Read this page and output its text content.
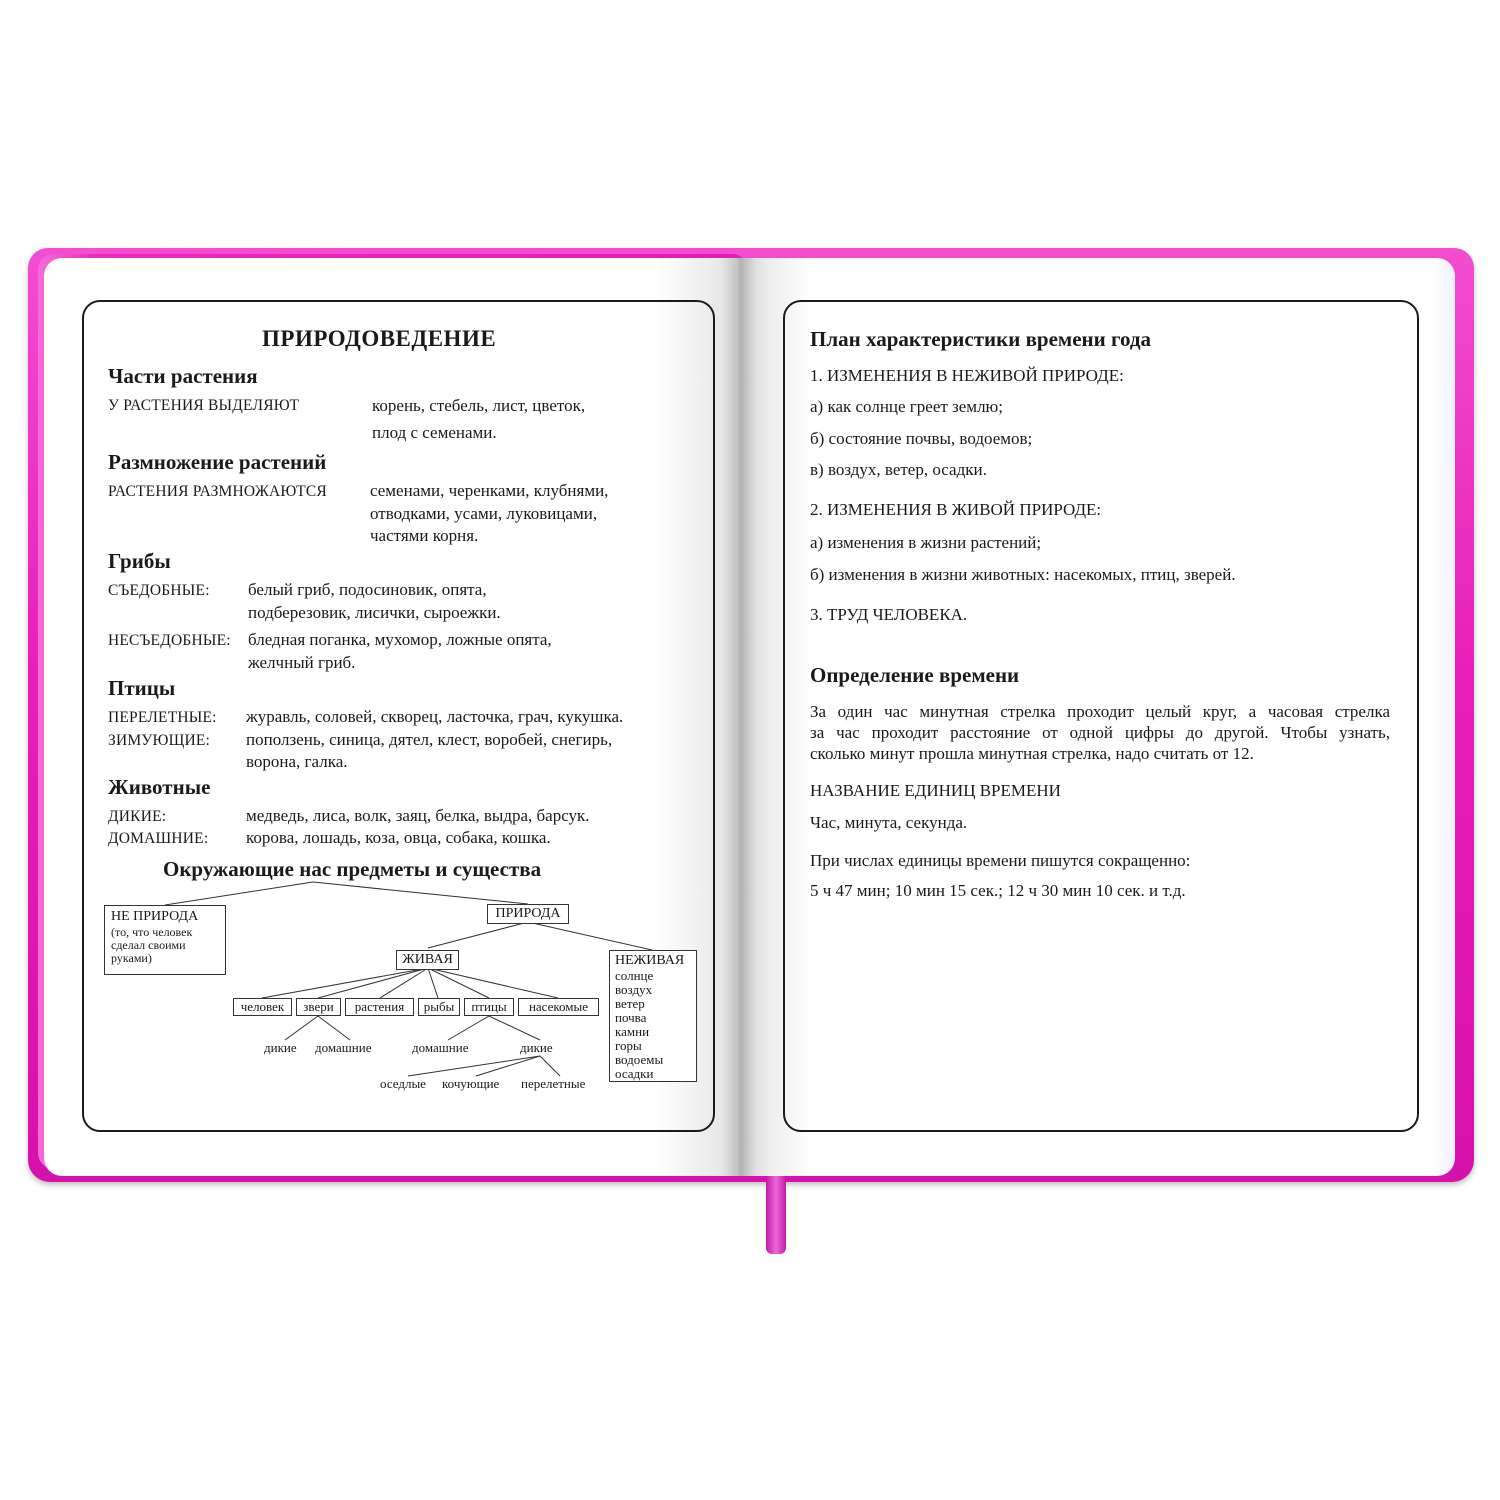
ПРИРОДОВЕДЕНИЕ
Части растения
У РАСТЕНИЯ ВЫДЕЛЯЮТ	корень, стебель, лист, цветок,
плод с семенами.
Размножение растений
РАСТЕНИЯ РАЗМНОЖАЮТСЯ	семенами, черенками, клубнями,
отводками, усами, луковицами,
частями корня.
Грибы
СЪЕДОБНЫЕ: белый гриб, подосиновик, опята,
подберезовик, лисички, сыроежки.
НЕСЪЕДОБНЫЕ: бледная поганка, мухомор, ложные опята,
желчный гриб.
Птицы
ПЕРЕЛЕТНЫЕ: журавль, соловей, скворец, ласточка, грач, кукушка.
ЗИМУЮЩИЕ: поползень, синица, дятел, клест, воробей, снегирь,
ворона, галка.
Животные
ДИКИЕ:	медведь, лиса, волк, заяц, белка, выдра, барсук.
ДОМАШНИЕ: корова, лошадь, коза, овца, собака, кошка.
Окружающие нас предметы и существа
НЕ ПРИРОДА
(то, что человек
сделал своими
руками)
ПРИРОДА
ЖИВАЯ	НЕЖИВАЯ
солнце
воздух
ветер
почва
камни
горы
водоемы
осадки
человек	звери	растения	рыбы	птицы	насекомые
дикие домашние	домашние	дикие
оседлые кочующие перелетные
План характеристики времени года
1. ИЗМЕНЕНИЯ В НЕЖИВОЙ ПРИРОДЕ:
а) как солнце греет землю;
б) состояние почвы, водоемов;
в) воздух, ветер, осадки.
2. ИЗМЕНЕНИЯ В ЖИВОЙ ПРИРОДЕ:
а) изменения в жизни растений;
б) изменения в жизни животных: насекомых, птиц, зверей.
3. ТРУД ЧЕЛОВЕКА.
Определение времени
За один час минутная стрелка проходит целый круг, а часовая стрелка
за час проходит расстояние от одной цифры до другой. Чтобы узнать,
сколько минут прошла минутная стрелка, надо считать от 12.
НАЗВАНИЕ ЕДИНИЦ ВРЕМЕНИ
Час, минута, секунда.
При числах единицы времени пишутся сокращенно:
5 ч 47 мин; 10 мин 15 сек.; 12 ч 30 мин 10 сек. и т.д.
